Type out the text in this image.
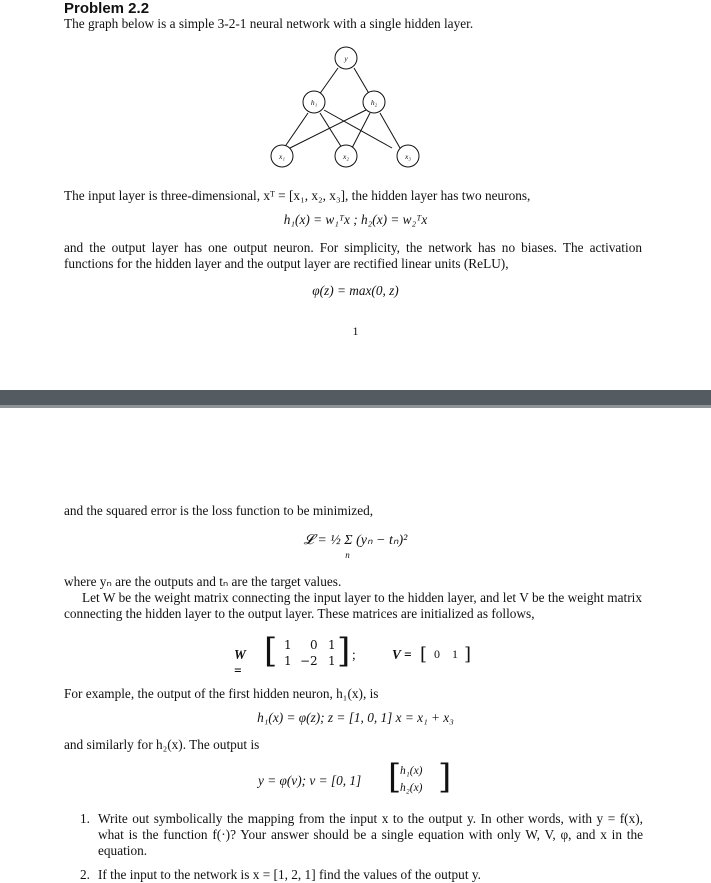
Problem 2.2
The graph below is a simple 3-2-1 neural network with a single hidden layer.
y
h₁	h₂
x₁	x₂	x₃
The input layer is three-dimensional, xᵀ = [x₁, x₂, x₃], the hidden layer has two neurons,
h₁(x) = w₁ᵀx ; h₂(x) = w₂ᵀx
and the output layer has one output neuron. For simplicity, the network has no biases. The activation functions for the hidden layer and the output layer are rectified linear units (ReLU),
φ(z) = max(0, z)
1
and the squared error is the loss function to be minimized,
𝓛 = ½ Σ (yₙ − tₙ)²
n
where yₙ are the outputs and tₙ are the target values.
Let W be the weight matrix connecting the input layer to the hidden layer, and let V be the weight matrix connecting the hidden layer to the output layer. These matrices are initialized as follows,
W = [ 1 0 1
1 −2 1 ] ;	V = [ 0 1 ]
For example, the output of the first hidden neuron, h₁(x), is
h₁(x) = φ(z); z = [1, 0, 1] x = x₁ + x₃
and similarly for h₂(x). The output is
y = φ(v); v = [0, 1] [
h₁(x)
h₂(x) ]
1. Write out symbolically the mapping from the input x to the output y. In other words, with y = f(x), what is the function f(·)? Your answer should be a single equation with only W, V, φ, and x in the equation.
2. If the input to the network is x = [1, 2, 1] find the values of the output y.
